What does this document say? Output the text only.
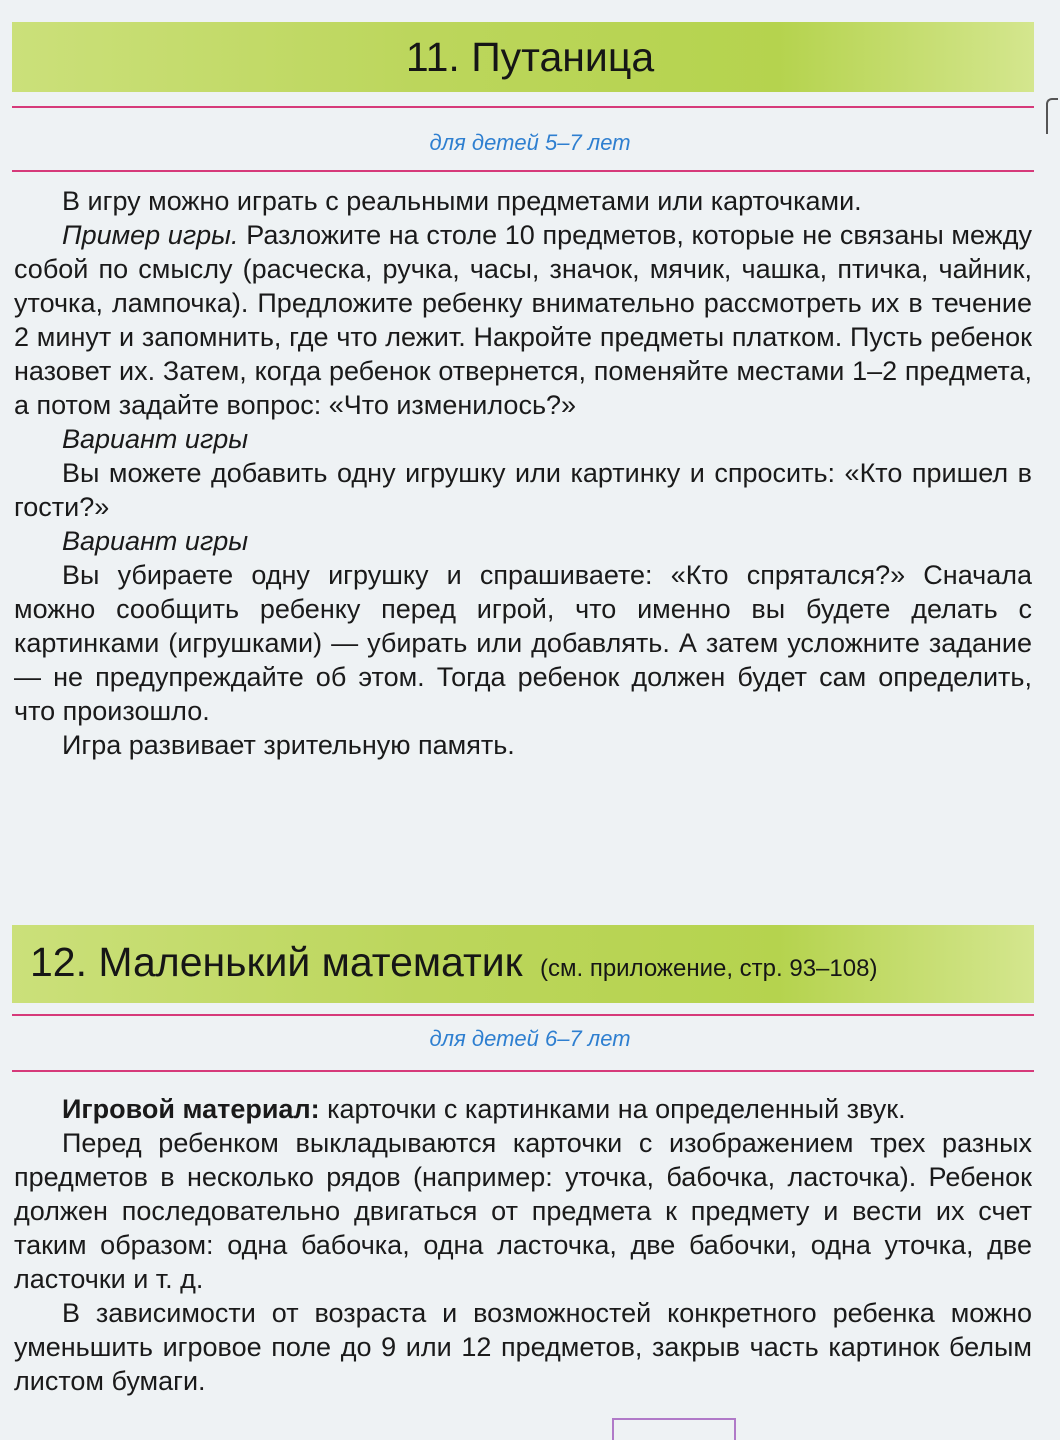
11. Путаница
для детей 5–7 лет

В игру можно играть с реальными предметами или карточками.

Пример игры. Разложите на столе 10 предметов, которые не связаны между собой по смыслу (расческа, ручка, часы, значок, мячик, чашка, птичка, чайник, уточка, лампочка). Предложите ребенку внимательно рассмотреть их в течение 2 минут и запомнить, где что лежит. Накройте предметы платком. Пусть ребенок назовет их. Затем, когда ребенок отвернется, поменяйте местами 1–2 предмета, а потом задайте вопрос: «Что изменилось?»

Вариант игры

Вы можете добавить одну игрушку или картинку и спросить: «Кто пришел в гости?»

Вариант игры

Вы убираете одну игрушку и спрашиваете: «Кто спрятался?» Сначала можно сообщить ребенку перед игрой, что именно вы будете делать с картинками (игрушками) — убирать или добавлять. А затем усложните задание — не предупреждайте об этом. Тогда ребенок должен будет сам определить, что произошло.

Игра развивает зрительную память.

12. Маленький математик (см. приложение, стр. 93–108)
для детей 6–7 лет

Игровой материал: карточки с картинками на определенный звук.

Перед ребенком выкладываются карточки с изображением трех разных предметов в несколько рядов (например: уточка, бабочка, ласточка). Ребенок должен последовательно двигаться от предмета к предмету и вести их счет таким образом: одна бабочка, одна ласточка, две бабочки, одна уточка, две ласточки и т. д.

В зависимости от возраста и возможностей конкретного ребенка можно уменьшить игровое поле до 9 или 12 предметов, закрыв часть картинок белым листом бумаги.
